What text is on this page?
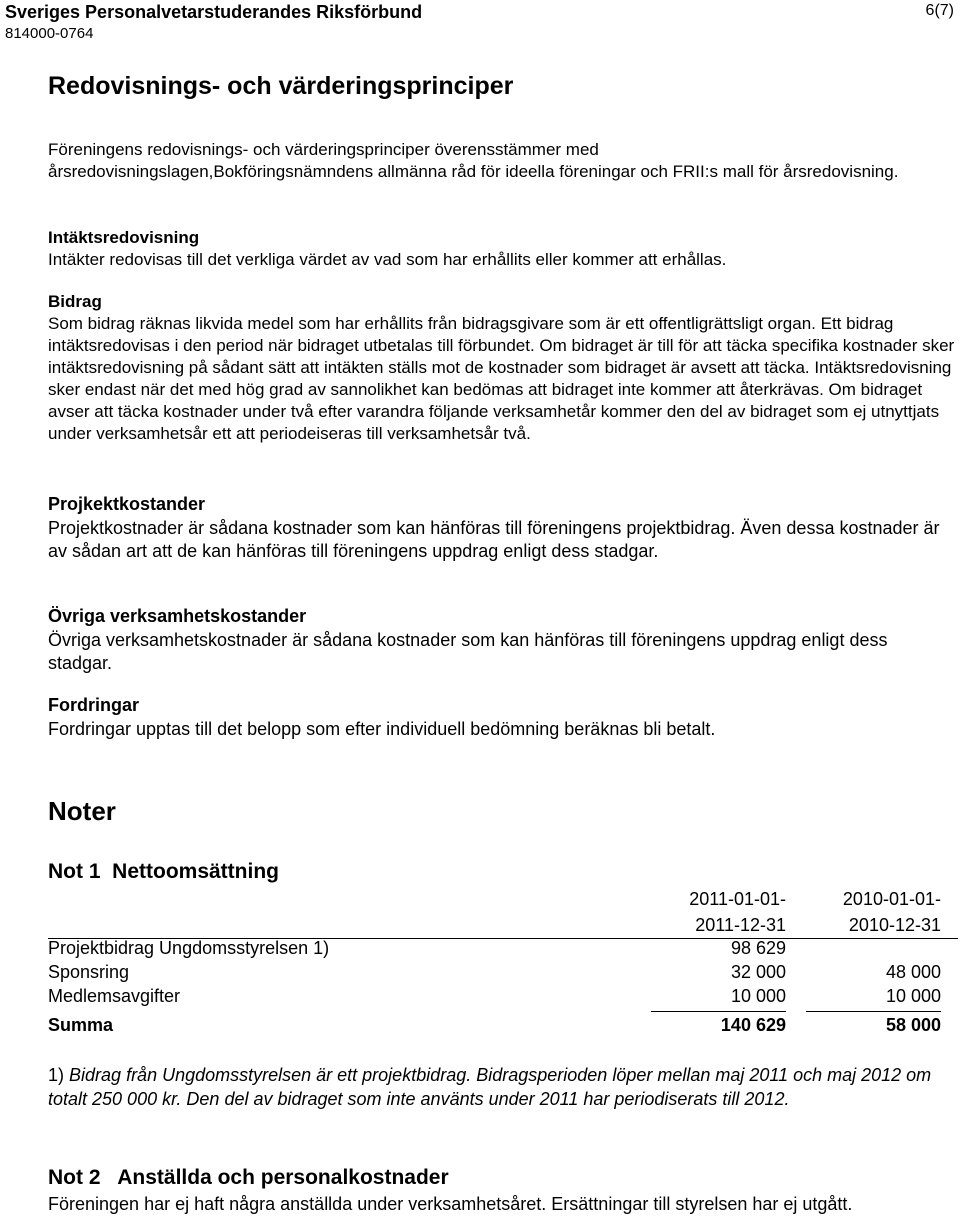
Sveriges Personalvetarstuderandes Riksförbund
814000-0764
6(7)
Redovisnings- och värderingsprinciper
Föreningens redovisnings- och värderingsprinciper överensstämmer med årsredovisningslagen,Bokföringsnämndens allmänna råd för ideella föreningar och FRII:s mall för årsredovisning.
Intäktsredovisning
Intäkter redovisas till det verkliga värdet av vad som har erhållits eller kommer att erhållas.
Bidrag
Som bidrag räknas likvida medel som har erhållits från bidragsgivare som är ett offentligrättsligt organ. Ett bidrag intäktsredovisas i den period när bidraget utbetalas till förbundet. Om bidraget är till för att täcka specifika kostnader sker intäktsredovisning på sådant sätt att intäkten ställs mot de kostnader som bidraget är avsett att täcka. Intäktsredovisning sker endast när det med hög grad av sannolikhet kan bedömas att bidraget inte kommer att återkrävas. Om bidraget avser att täcka kostnader under två efter varandra följande verksamhetår kommer den del av bidraget som ej utnyttjats under verksamhetsår ett att periodeiseras till verksamhetsår två.
Projkektkostander
Projektkostnader är sådana kostnader som kan hänföras till föreningens projektbidrag. Även dessa kostnader är av sådan art att de kan hänföras till föreningens uppdrag enligt dess stadgar.
Övriga verksamhetskostander
Övriga verksamhetskostnader är sådana kostnader som kan hänföras till föreningens uppdrag enligt dess stadgar.
Fordringar
Fordringar upptas till det belopp som efter individuell bedömning beräknas bli betalt.
Noter
Not 1  Nettoomsättning
2011-01-01-
2011-12-31
2010-01-01-
2010-12-31
Projektbidrag Ungdomsstyrelsen 1)	98 629
Sponsring	32 000	48 000
Medlemsavgifter	10 000	10 000
Summa	140 629	58 000
1) Bidrag från Ungdomsstyrelsen är ett projektbidrag. Bidragsperioden löper mellan maj 2011 och maj 2012 om totalt 250 000 kr. Den del av bidraget som inte använts under 2011 har periodiserats till 2012.
Not 2   Anställda och personalkostnader
Föreningen har ej haft några anställda under verksamhetsåret. Ersättningar till styrelsen har ej utgått.
